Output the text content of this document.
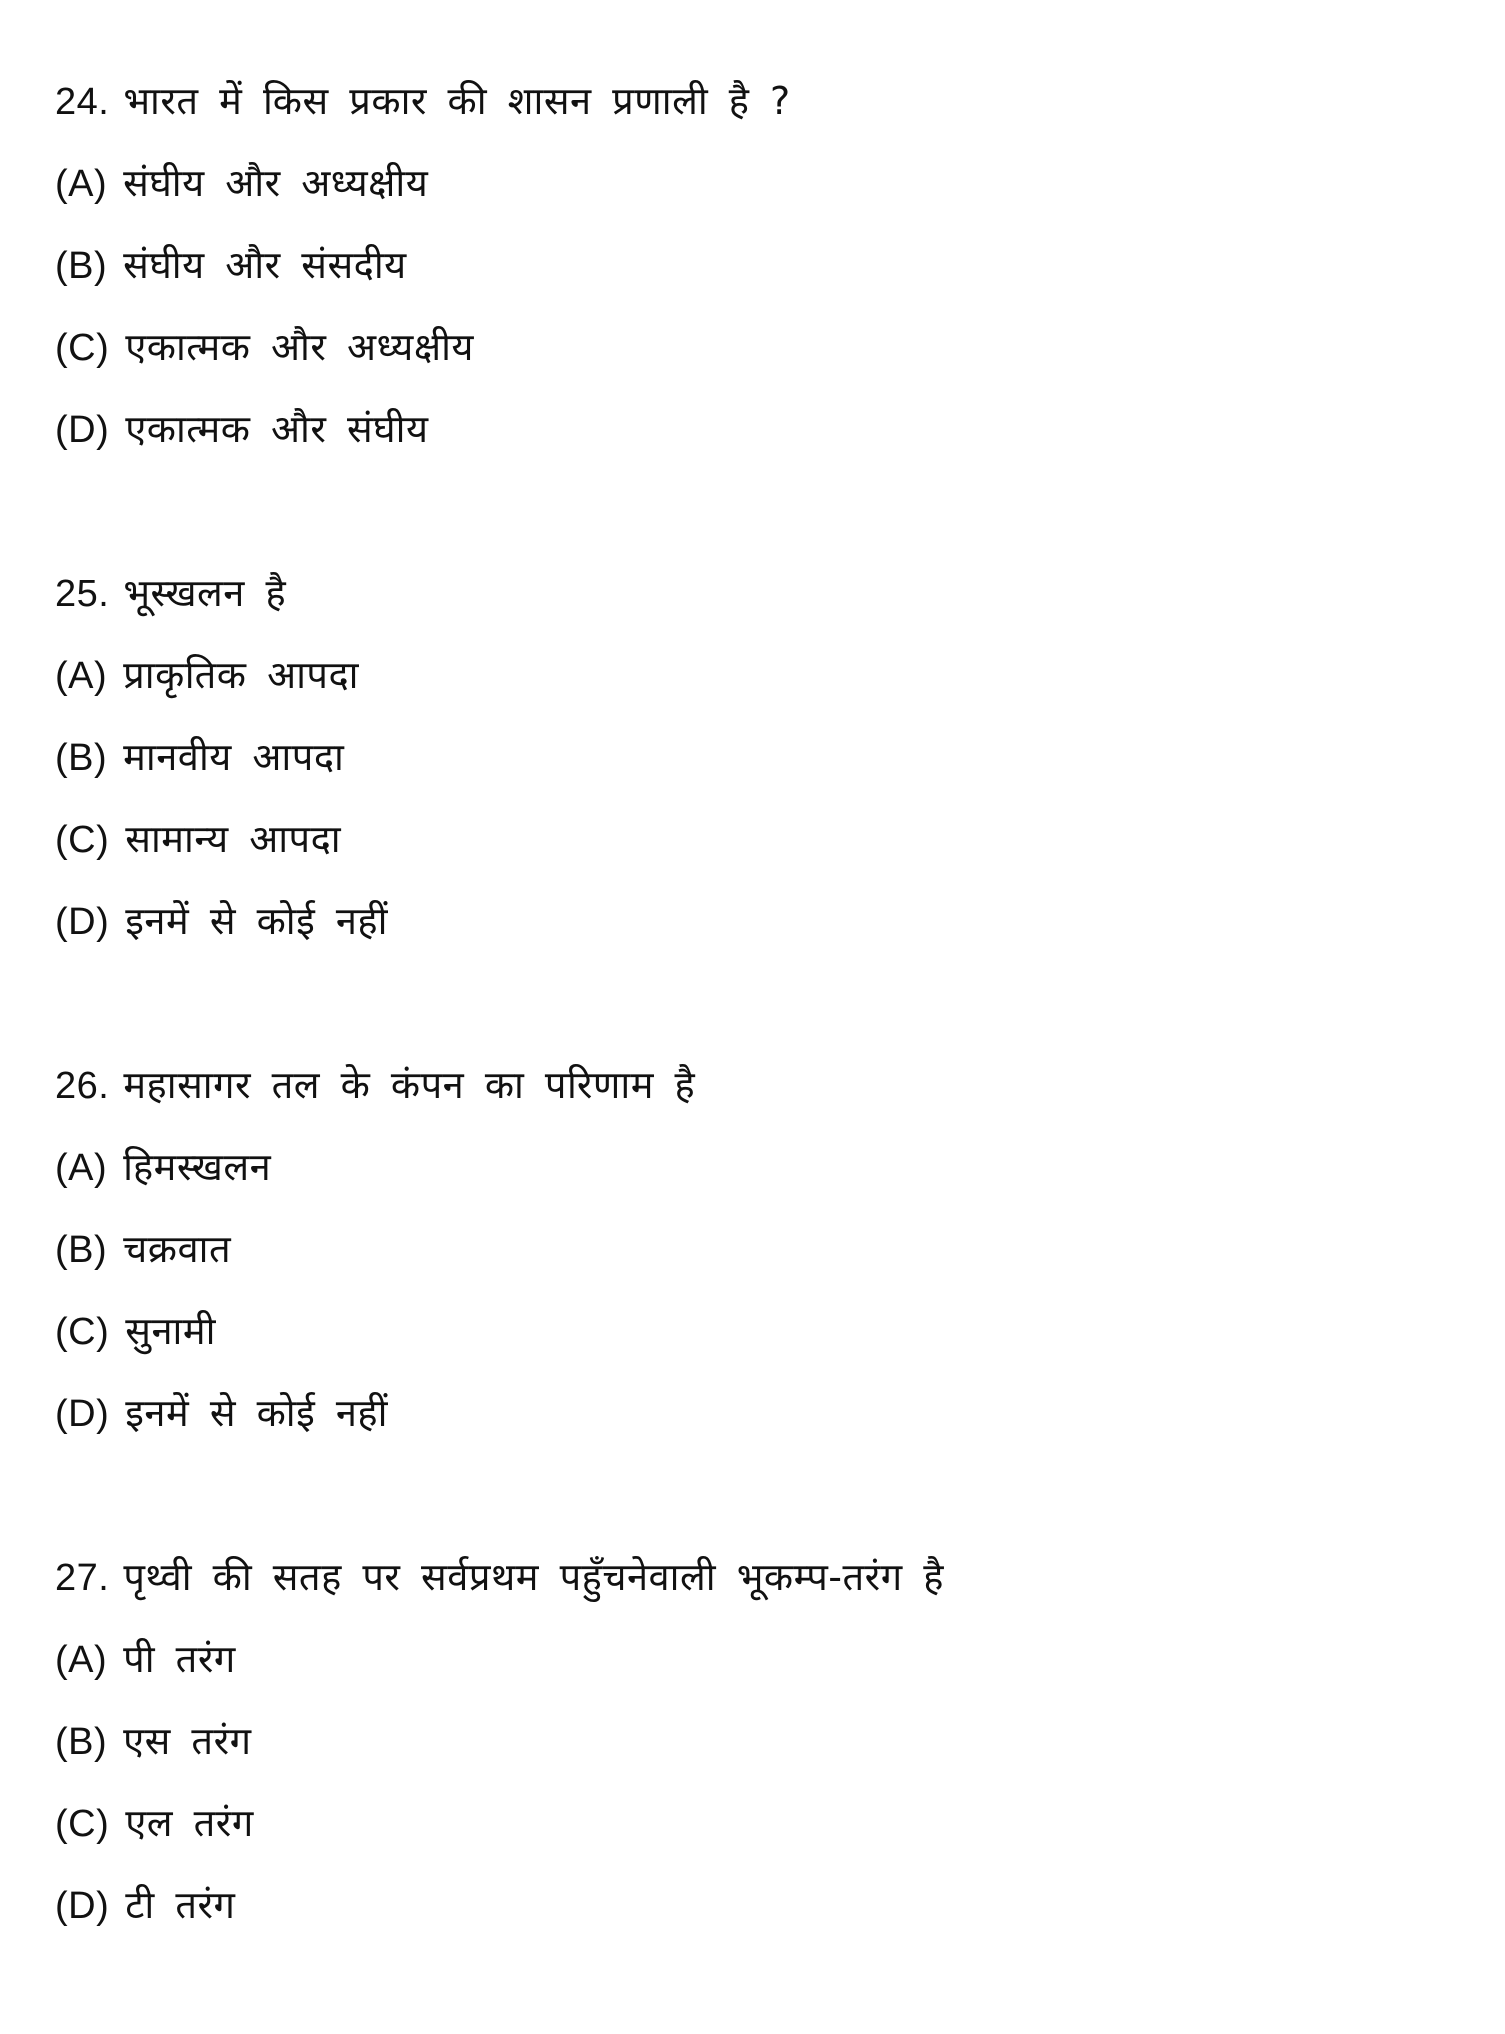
24. भारत में किस प्रकार की शासन प्रणाली है ?
(A) संघीय और अध्यक्षीय
(B) संघीय और संसदीय
(C) एकात्मक और अध्यक्षीय
(D) एकात्मक और संघीय
25. भूस्खलन है
(A) प्राकृतिक आपदा
(B) मानवीय आपदा
(C) सामान्य आपदा
(D) इनमें से कोई नहीं
26. महासागर तल के कंपन का परिणाम है
(A) हिमस्खलन
(B) चक्रवात
(C) सुनामी
(D) इनमें से कोई नहीं
27. पृथ्वी की सतह पर सर्वप्रथम पहुँचनेवाली भूकम्प-तरंग है
(A) पी तरंग
(B) एस तरंग
(C) एल तरंग
(D) टी तरंग
